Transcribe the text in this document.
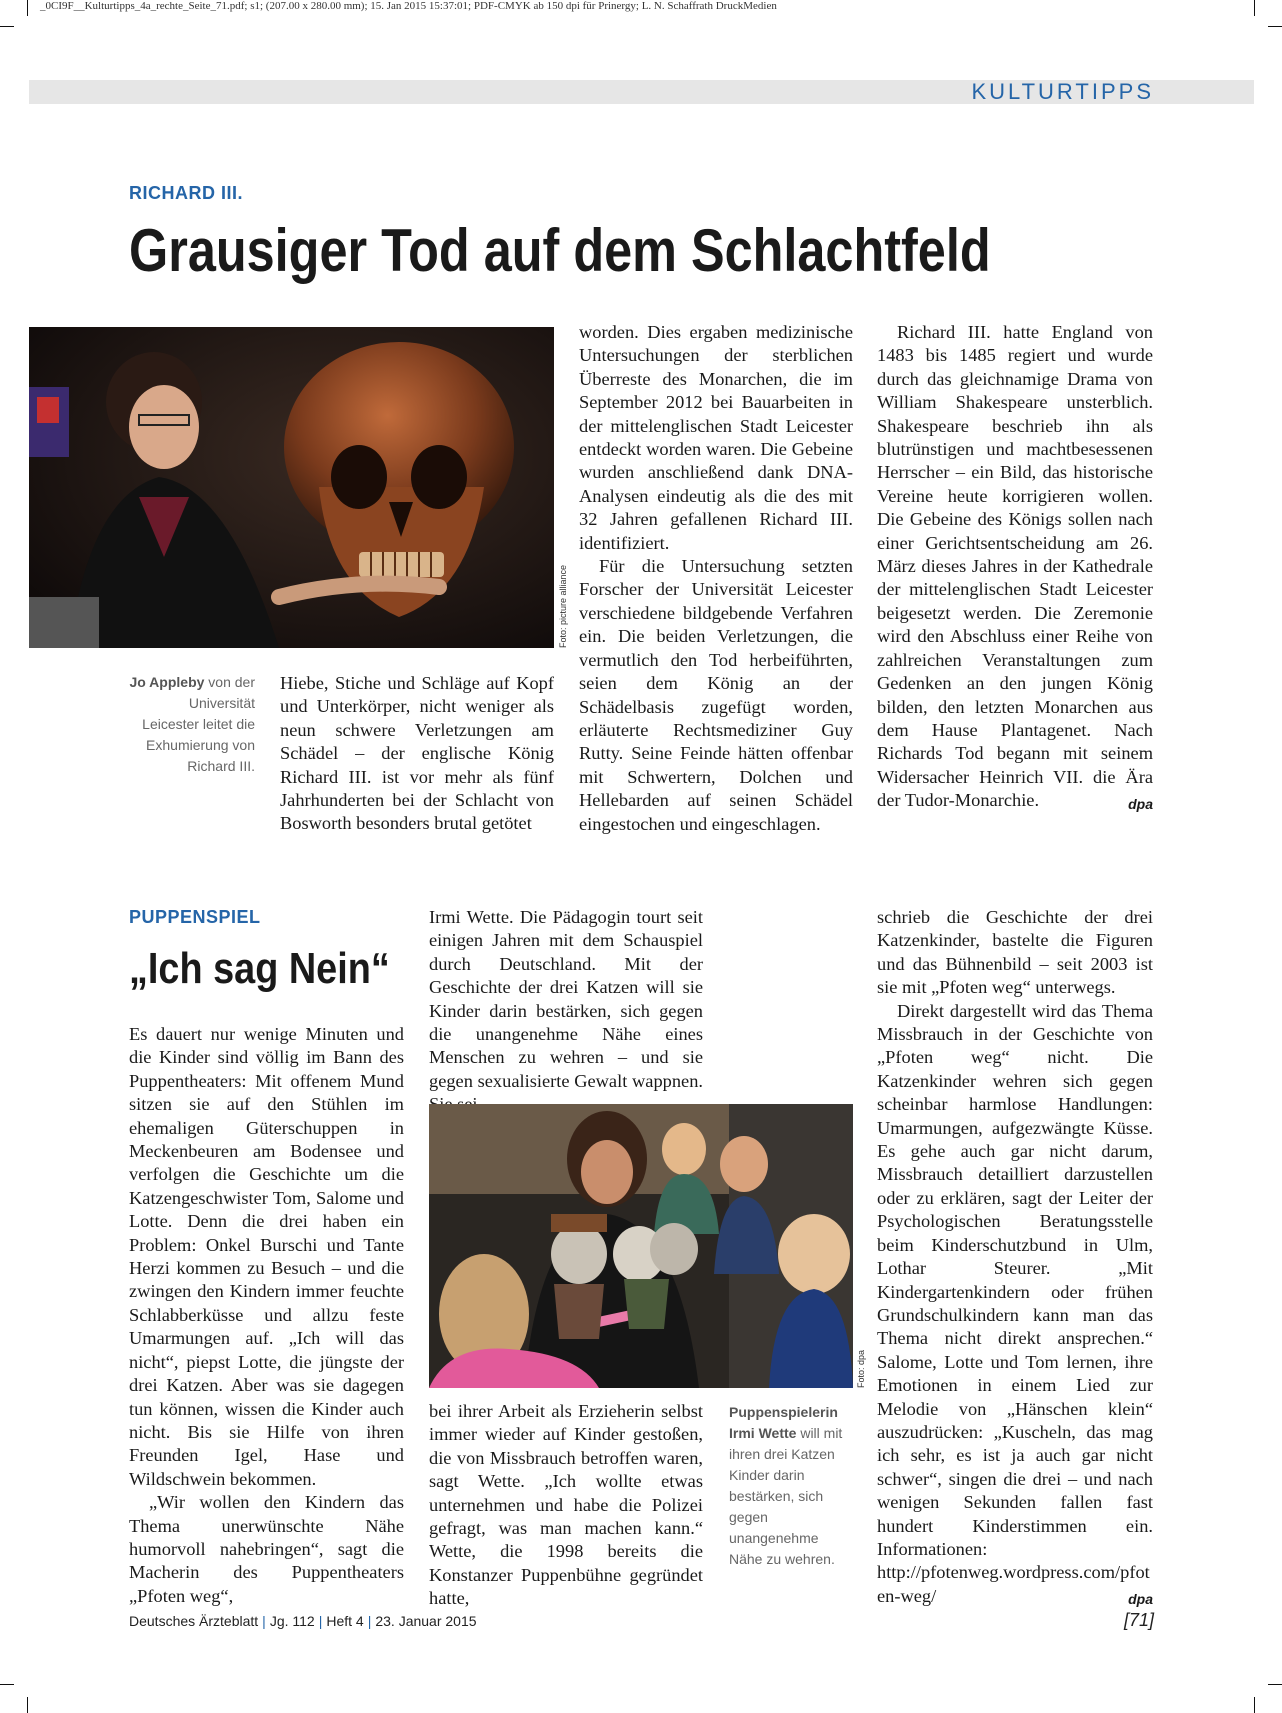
_0CI9F__Kulturtipps_4a_rechte_Seite_71.pdf; s1; (207.00 x 280.00 mm); 15. Jan 2015 15:37:01; PDF-CMYK ab 150 dpi für Prinergy; L. N. Schaffrath DruckMedien
KULTURTIPPS
RICHARD III.
Grausiger Tod auf dem Schlachtfeld
Foto: picture alliance
Jo Appleby von der Universität Leicester leitet die Exhumierung von Richard III.

Hiebe, Stiche und Schläge auf Kopf und Unterkörper, nicht weniger als neun schwere Verletzungen am Schädel – der englische König Richard III. ist vor mehr als fünf Jahrhunderten bei der Schlacht von Bosworth besonders brutal getötet

worden. Dies ergaben medizinische Untersuchungen der sterblichen Überreste des Monarchen, die im September 2012 bei Bauarbeiten in der mittelenglischen Stadt Leicester entdeckt worden waren. Die Gebeine wurden anschließend dank DNA-Analysen eindeutig als die des mit 32 Jahren gefallenen Richard III. identifiziert.

Für die Untersuchung setzten Forscher der Universität Leicester verschiedene bildgebende Verfahren ein. Die beiden Verletzungen, die vermutlich den Tod herbeiführten, seien dem König an der Schädelbasis zugefügt worden, erläuterte Rechtsmediziner Guy Rutty. Seine Feinde hätten offenbar mit Schwertern, Dolchen und Hellebarden auf seinen Schädel eingestochen und eingeschlagen.

Richard III. hatte England von 1483 bis 1485 regiert und wurde durch das gleichnamige Drama von William Shakespeare unsterblich. Shakespeare beschrieb ihn als blutrünstigen und machtbesessenen Herrscher – ein Bild, das historische Vereine heute korrigieren wollen. Die Gebeine des Königs sollen nach einer Gerichtsentscheidung am 26. März dieses Jahres in der Kathedrale der mittelenglischen Stadt Leicester beigesetzt werden. Die Zeremonie wird den Abschluss einer Reihe von zahlreichen Veranstaltungen zum Gedenken an den jungen König bilden, den letzten Monarchen aus dem Hause Plantagenet. Nach Richards Tod begann mit seinem Widersacher Heinrich VII. die Ära der Tudor-Monarchie.	dpa
PUPPENSPIEL
„Ich sag Nein“

Es dauert nur wenige Minuten und die Kinder sind völlig im Bann des Puppentheaters: Mit offenem Mund sitzen sie auf den Stühlen im ehemaligen Güterschuppen in Meckenbeuren am Bodensee und verfolgen die Geschichte um die Katzengeschwister Tom, Salome und Lotte. Denn die drei haben ein Problem: Onkel Burschi und Tante Herzi kommen zu Besuch – und die zwingen den Kindern immer feuchte Schlabberküsse und allzu feste Umarmungen auf. „Ich will das nicht“, piepst Lotte, die jüngste der drei Katzen. Aber was sie dagegen tun können, wissen die Kinder auch nicht. Bis sie Hilfe von ihren Freunden Igel, Hase und Wildschwein bekommen.

„Wir wollen den Kindern das Thema unerwünschte Nähe humorvoll nahebringen“, sagt die Macherin des Puppentheaters „Pfoten weg“,

Irmi Wette. Die Pädagogin tourt seit einigen Jahren mit dem Schauspiel durch Deutschland. Mit der Geschichte der drei Katzen will sie Kinder darin bestärken, sich gegen die unangenehme Nähe eines Menschen zu wehren – und sie gegen sexualisierte Gewalt wappnen.

Foto: dpa

bei ihrer Arbeit als Erzieherin selbst immer wieder auf Kinder gestoßen, die von Missbrauch betroffen waren, sagt Wette. „Ich wollte etwas unternehmen und habe die Polizei gefragt, was man machen kann.“ Wette, die 1998 bereits die Konstanzer Puppenbühne gegründet hatte,

Puppenspielerin Irmi Wette will mit ihren drei Katzen Kinder darin bestärken, sich gegen unangenehme Nähe zu wehren.

schrieb die Geschichte der drei Katzenkinder, bastelte die Figuren und das Bühnenbild – seit 2003 ist sie mit „Pfoten weg“ unterwegs.

Direkt dargestellt wird das Thema Missbrauch in der Geschichte von „Pfoten weg“ nicht. Die Katzenkinder wehren sich gegen scheinbar harmlose Handlungen: Umarmungen, aufgezwängte Küsse. Es gehe auch gar nicht darum, Missbrauch detailliert darzustellen oder zu erklären, sagt der Leiter der Psychologischen Beratungsstelle beim Kinderschutzbund in Ulm, Lothar Steurer. „Mit Kindergartenkindern oder frühen Grundschulkindern kann man das Thema nicht direkt ansprechen.“ Salome, Lotte und Tom lernen, ihre Emotionen in einem Lied zur Melodie von „Hänschen klein“ auszudrücken: „Kuscheln, das mag ich sehr, es ist ja auch gar nicht schwer“, singen die drei – und nach wenigen Sekunden fallen fast hundert Kinderstimmen ein. Informationen: http://pfotenweg.wordpress.com/pfoten-weg/	dpa
Deutsches Ärzteblatt | Jg. 112 | Heft 4 | 23. Januar 2015	[71]
